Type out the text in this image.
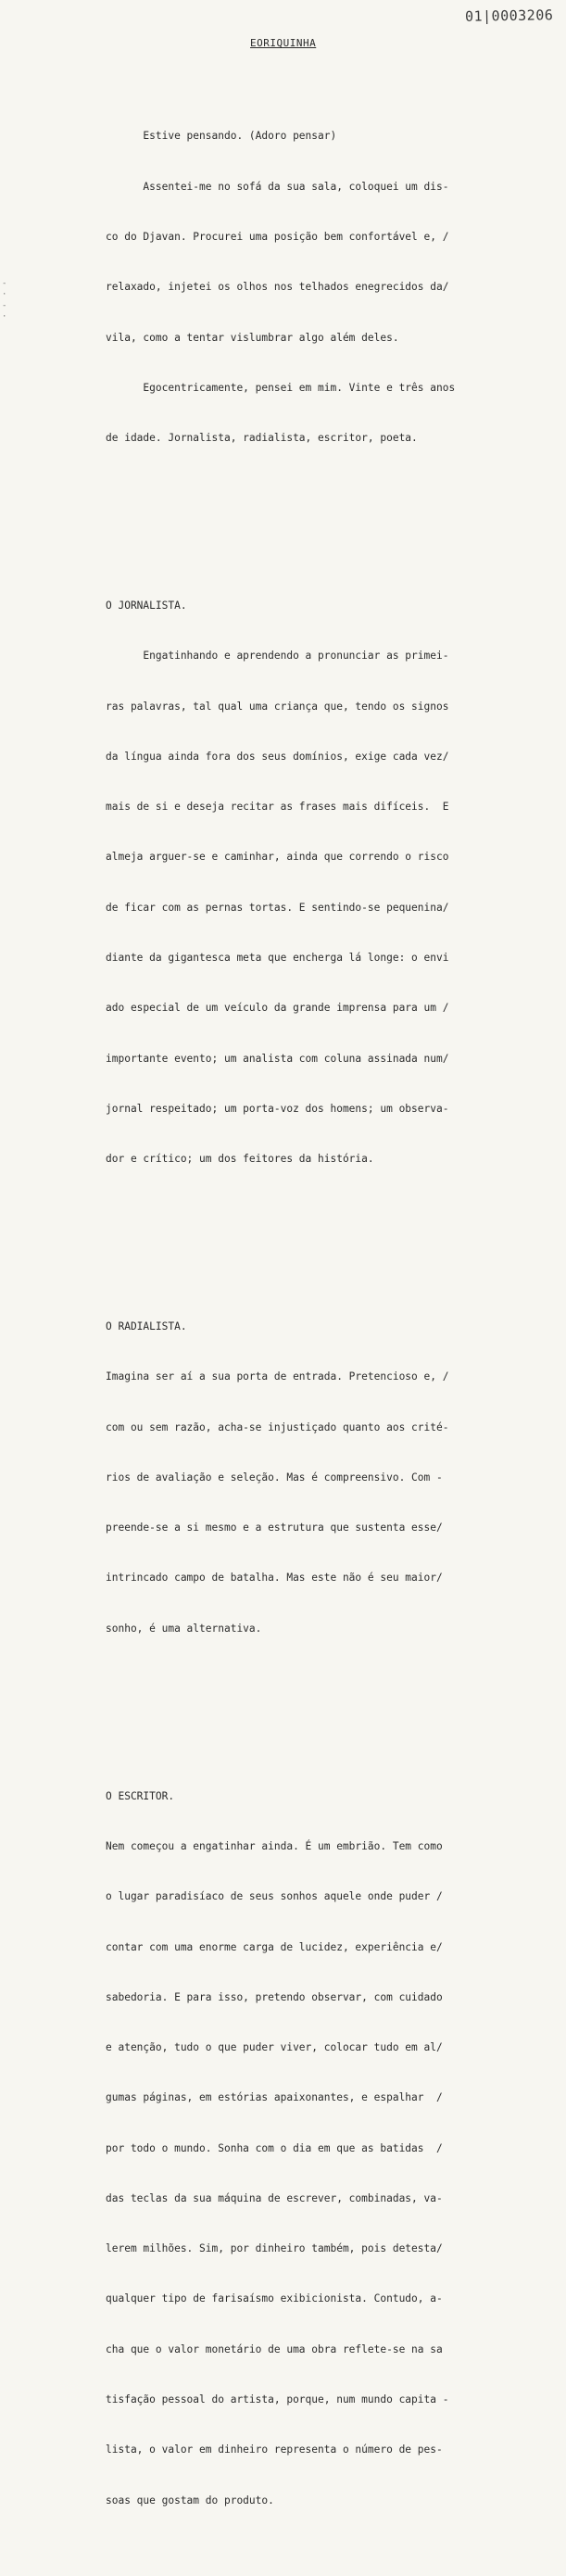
01|0003206
EORIQUINHA
-
·
-
·

Estive pensando. (Adoro pensar)

Assentei-me no sofá da sua sala, coloquei um dis-

co do Djavan. Procurei uma posição bem confortável e, /

relaxado, injetei os olhos nos telhados enegrecidos da/

vila, como a tentar vislumbrar algo além deles.

Egocentricamente, pensei em mim. Vinte e três anos

de idade. Jornalista, radialista, escritor, poeta.

O JORNALISTA.

Engatinhando e aprendendo a pronunciar as primei-

ras palavras, tal qual uma criança que, tendo os signos

da língua ainda fora dos seus domínios, exige cada vez/

mais de si e deseja recitar as frases mais difíceis.  E

almeja arguer-se e caminhar, ainda que correndo o risco

de ficar com as pernas tortas. E sentindo-se pequenina/

diante da gigantesca meta que encherga lá longe: o envi

ado especial de um veículo da grande imprensa para um /

importante evento; um analista com coluna assinada num/

jornal respeitado; um porta-voz dos homens; um observa-

dor e crítico; um dos feitores da história.

O RADIALISTA.

Imagina ser aí a sua porta de entrada. Pretencioso e, /

com ou sem razão, acha-se injustiçado quanto aos crité-

rios de avaliação e seleção. Mas é compreensivo. Com -

preende-se a si mesmo e a estrutura que sustenta esse/

intrincado campo de batalha. Mas este não é seu maior/

sonho, é uma alternativa.

O ESCRITOR.

Nem começou a engatinhar ainda. É um embrião. Tem como

o lugar paradisíaco de seus sonhos aquele onde puder /

contar com uma enorme carga de lucidez, experiência e/

sabedoria. E para isso, pretendo observar, com cuidado

e atenção, tudo o que puder viver, colocar tudo em al/

gumas páginas, em estórias apaixonantes, e espalhar  /

por todo o mundo. Sonha com o dia em que as batidas  /

das teclas da sua máquina de escrever, combinadas, va-

lerem milhões. Sim, por dinheiro também, pois detesta/

qualquer tipo de farisaísmo exibicionista. Contudo, a-

cha que o valor monetário de uma obra reflete-se na sa

tisfação pessoal do artista, porque, num mundo capita -

lista, o valor em dinheiro representa o número de pes-

soas que gostam do produto.
